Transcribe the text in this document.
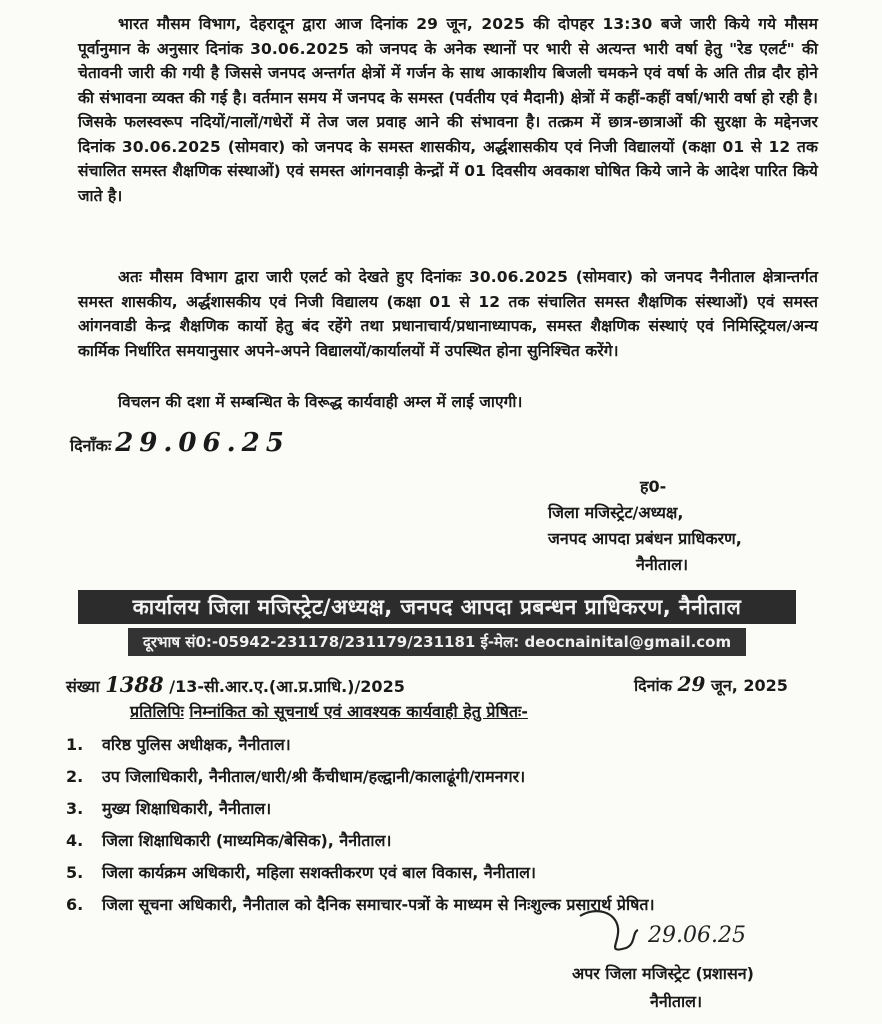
भारत मौसम विभाग, देहरादून द्वारा आज दिनांक 29 जून, 2025 की दोपहर 13:30 बजे जारी किये गये मौसम पूर्वानुमान के अनुसार दिनांक 30.06.2025 को जनपद के अनेक स्थानों पर भारी से अत्यन्त भारी वर्षा हेतु "रेड एलर्ट" की चेतावनी जारी की गयी है जिससे जनपद अन्तर्गत क्षेत्रों में गर्जन के साथ आकाशीय बिजली चमकने एवं वर्षा के अति तीव्र दौर होने की संभावना व्यक्त की गई है। वर्तमान समय में जनपद के समस्त (पर्वतीय एवं मैदानी) क्षेत्रों में कहीं-कहीं वर्षा/भारी वर्षा हो रही है। जिसके फलस्वरूप नदियों/नालों/गधेरों में तेज जल प्रवाह आने की संभावना है। तत्क्रम में छात्र-छात्राओं की सुरक्षा के मद्देनजर दिनांक 30.06.2025 (सोमवार) को जनपद के समस्त शासकीय, अर्द्धशासकीय एवं निजी विद्यालयों (कक्षा 01 से 12 तक संचालित समस्त शैक्षणिक संस्थाओं) एवं समस्त आंगनवाड़ी केन्द्रों में 01 दिवसीय अवकाश घोषित किये जाने के आदेश पारित किये जाते है।
अतः मौसम विभाग द्वारा जारी एलर्ट को देखते हुए दिनांकः 30.06.2025 (सोमवार) को जनपद नैनीताल क्षेत्रान्तर्गत समस्त शासकीय, अर्द्धशासकीय एवं निजी विद्यालय (कक्षा 01 से 12 तक संचालित समस्त शैक्षणिक संस्थाओं) एवं समस्त आंगनवाडी केन्द्र शैक्षणिक कार्यो हेतु बंद रहेंगे तथा प्रधानाचार्य/प्रधानाध्यापक, समस्त शैक्षणिक संस्थाएं एवं निमिस्ट्रियल/अन्य कार्मिक निर्धारित समयानुसार अपने-अपने विद्यालयों/कार्यालयों में उपस्थित होना सुनिश्चित करेंगे।
विचलन की दशा में सम्बन्धित के विरूद्ध कार्यवाही अम्ल में लाई जाएगी।
दिनाँकः 29.06.25
ह0-
जिला मजिस्ट्रेट/अध्यक्ष,
जनपद आपदा प्रबंधन प्राधिकरण,
नैनीताल।
कार्यालय जिला मजिस्ट्रेट/अध्यक्ष, जनपद आपदा प्रबन्धन प्राधिकरण, नैनीताल
दूरभाष सं0:-05942-231178/231179/231181 ई-मेल: deocnainital@gmail.com
संख्या 1388 /13-सी.आर.ए.(आ.प्र.प्राधि.)/2025	दिनांक 29 जून, 2025
प्रतिलिपिः निम्नांकित को सूचनार्थ एवं आवश्यक कार्यवाही हेतु प्रेषितः-
1.	वरिष्ठ पुलिस अधीक्षक, नैनीताल।
2.	उप जिलाधिकारी, नैनीताल/धारी/श्री कैंचीधाम/हल्द्वानी/कालाढूंगी/रामनगर।
3.	मुख्य शिक्षाधिकारी, नैनीताल।
4.	जिला शिक्षाधिकारी (माध्यमिक/बेसिक), नैनीताल।
5.	जिला कार्यक्रम अधिकारी, महिला सशक्तीकरण एवं बाल विकास, नैनीताल।
6.	जिला सूचना अधिकारी, नैनीताल को दैनिक समाचार-पत्रों के माध्यम से निःशुल्क प्रसारार्थ प्रेषित।
29.06.25
अपर जिला मजिस्ट्रेट (प्रशासन)
नैनीताल।
